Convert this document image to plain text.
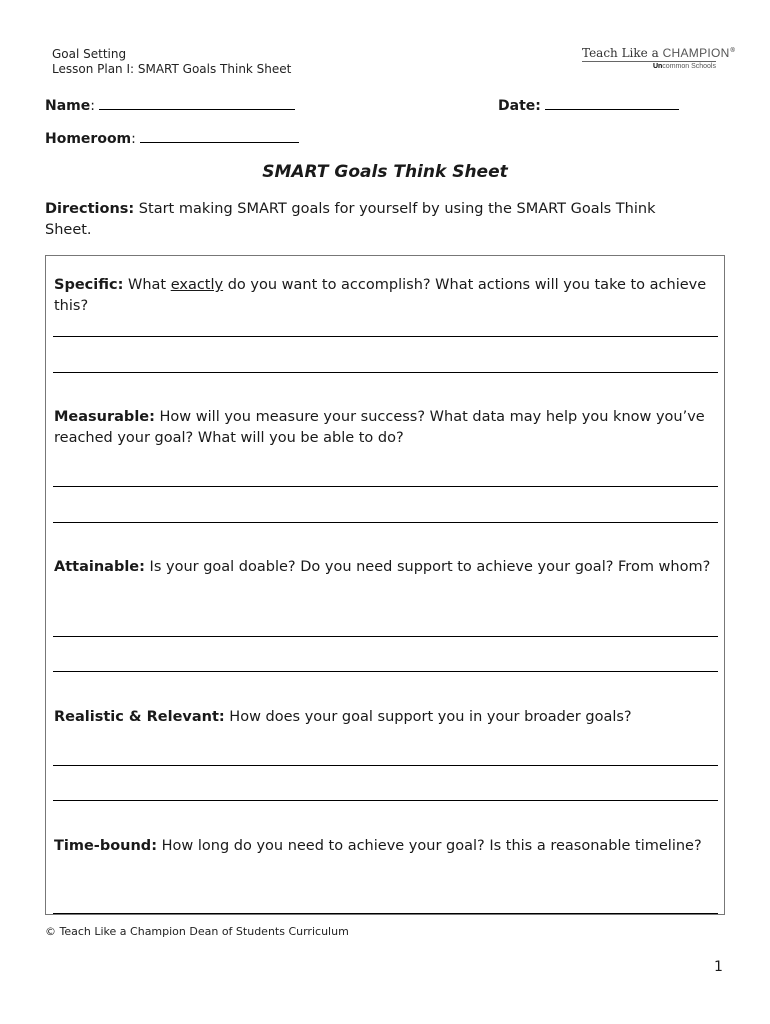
Goal Setting
Lesson Plan I: SMART Goals Think Sheet
Teach Like a CHAMPION®
Uncommon Schools
Name:	Date:
Homeroom:
SMART Goals Think Sheet
Directions: Start making SMART goals for yourself by using the SMART Goals Think Sheet.
Specific: What exactly do you want to accomplish? What actions will you take to achieve this?
Measurable: How will you measure your success? What data may help you know you’ve reached your goal? What will you be able to do?
Attainable: Is your goal doable? Do you need support to achieve your goal? From whom?
Realistic & Relevant: How does your goal support you in your broader goals?
Time-bound: How long do you need to achieve your goal? Is this a reasonable timeline?
© Teach Like a Champion Dean of Students Curriculum
1
